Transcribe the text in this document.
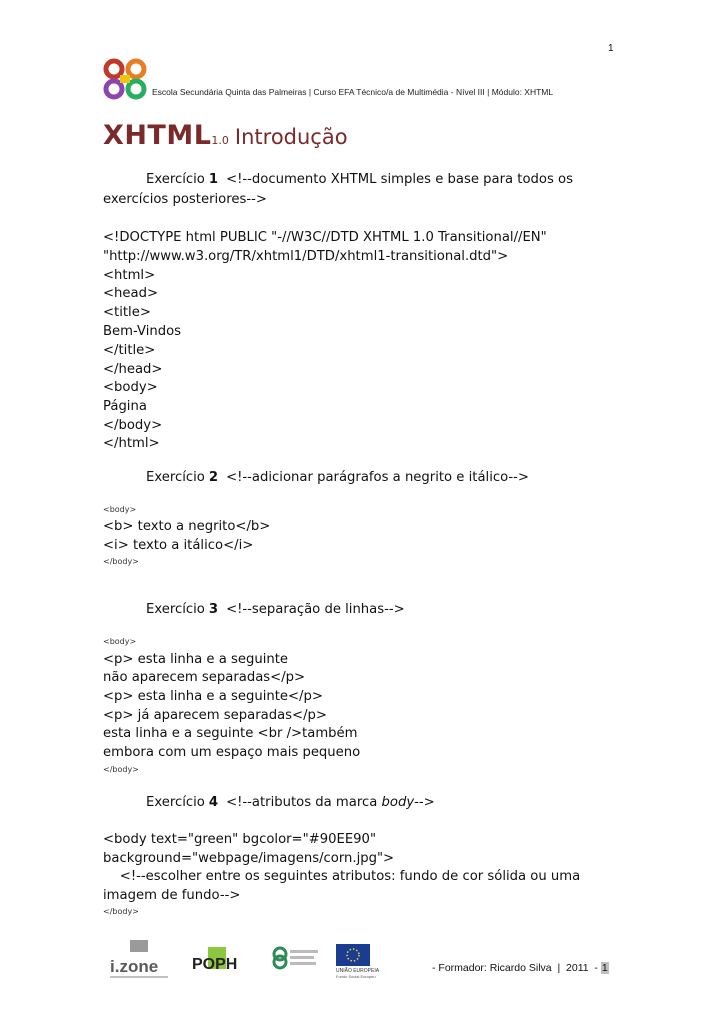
1
Escola Secundária Quinta das Palmeiras | Curso EFA Técnico/a de Multimédia - Nível III | Módulo: XHTML
XHTML1.0 Introdução
Exercício 1 <!--documento XHTML simples e base para todos os
exercícios posteriores-->
<!DOCTYPE html PUBLIC "-//W3C//DTD XHTML 1.0 Transitional//EN"
"http://www.w3.org/TR/xhtml1/DTD/xhtml1-transitional.dtd">
<html>
<head>
<title>
Bem-Vindos
</title>
</head>
<body>
Página
</body>
</html>
Exercício 2 <!--adicionar parágrafos a negrito e itálico-->
<body>
<b> texto a negrito</b>
<i> texto a itálico</i>
</body>
Exercício 3 <!--separação de linhas-->
<body>
<p> esta linha e a seguinte
não aparecem separadas</p>
<p> esta linha e a seguinte</p>
<p> já aparecem separadas</p>
esta linha e a seguinte <br />também
embora com um espaço mais pequeno
</body>
Exercício 4 <!--atributos da marca body-->
<body text="green" bgcolor="#90EE90"
background="webpage/imagens/corn.jpg">
<!--escolher entre os seguintes atributos: fundo de cor sólida ou uma
imagem de fundo-->
</body>
i.zone POPH	UNIÃO EUROPEIA
Fundo Social Europeu
- Formador: Ricardo Silva  |  2011  - 1
